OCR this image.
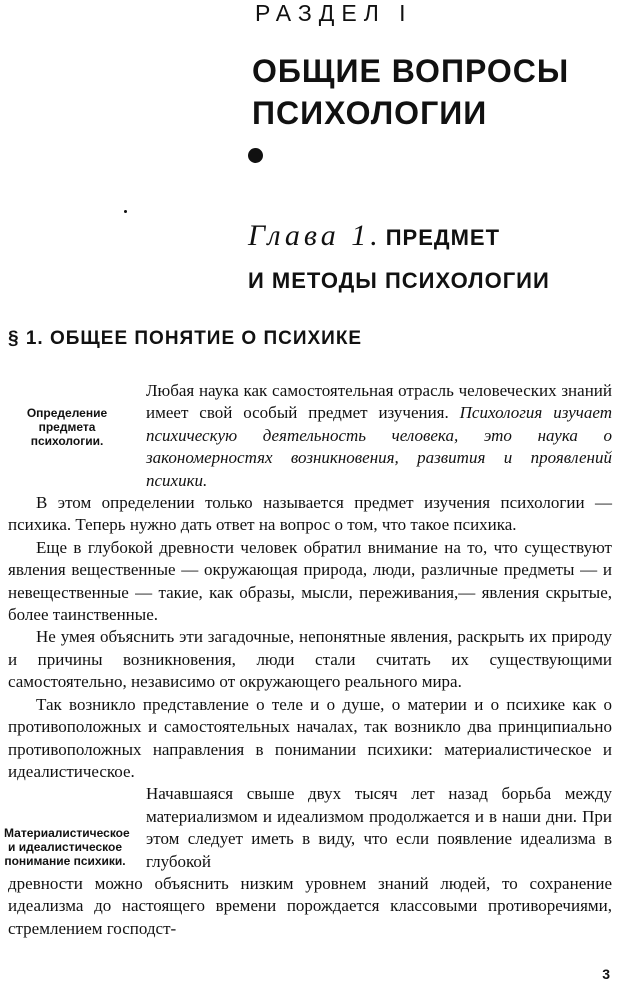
РАЗДЕЛ I
ОБЩИЕ ВОПРОСЫ
ПСИХОЛОГИИ
Глава 1. ПРЕДМЕТ
И МЕТОДЫ ПСИХОЛОГИИ
§ 1. ОБЩЕЕ ПОНЯТИЕ О ПСИХИКЕ
Определение предмета психологии.
Материалистическое и идеалистическое понимание психики.

Любая наука как самостоятельная отрасль человеческих знаний имеет свой особый предмет изучения. Психология изучает психическую деятельность человека, это наука о закономерностях возникновения, развития и проявлений психики.

В этом определении только называется предмет изучения психологии — психика. Теперь нужно дать ответ на вопрос о том, что такое психика.

Еще в глубокой древности человек обратил внимание на то, что существуют явления вещественные — окружающая природа, люди, различные предметы — и невещественные — такие, как образы, мысли, переживания,— явления скрытые, более таинственные.

Не умея объяснить эти загадочные, непонятные явления, раскрыть их природу и причины возникновения, люди стали считать их существующими самостоятельно, независимо от окружающего реального мира.

Так возникло представление о теле и о душе, о материи и о психике как о противоположных и самостоятельных началах, так возникло два принципиально противоположных направления в понимании психики: материалистическое и идеалистическое.

Начавшаяся свыше двух тысяч лет назад борьба между материализмом и идеализмом продолжается и в наши дни. При этом следует иметь в виду, что если появление идеализма в глубокой

древности можно объяснить низким уровнем знаний людей, то сохранение идеализма до настоящего времени порождается классовыми противоречиями, стремлением господст-

3
